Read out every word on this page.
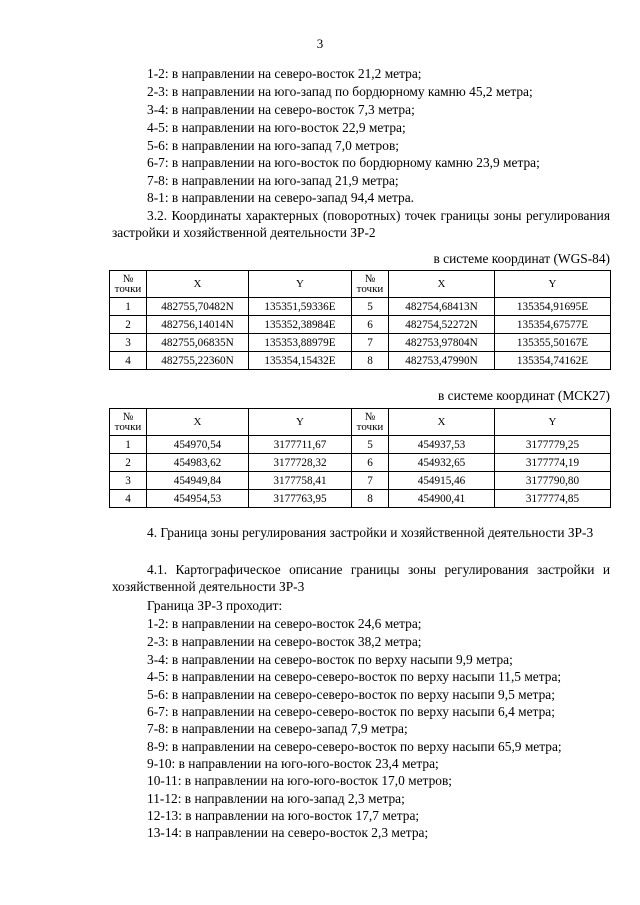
3
1-2: в направлении на северо-восток 21,2 метра;
2-3: в направлении на юго-запад по бордюрному камню 45,2 метра;
3-4: в направлении на северо-восток 7,3 метра;
4-5: в направлении на юго-восток 22,9 метра;
5-6: в направлении на юго-запад 7,0 метров;
6-7: в направлении на юго-восток по бордюрному камню 23,9 метра;
7-8: в направлении на юго-запад 21,9 метра;
8-1: в направлении на северо-запад 94,4 метра.
3.2. Координаты характерных (поворотных) точек границы зоны регулирования застройки и хозяйственной деятельности ЗР-2
в системе координат (WGS-84)
№ точки	X	Y	№ точки	X	Y
1	482755,70482N	135351,59336E	5	482754,68413N	135354,91695E
2	482756,14014N	135352,38984E	6	482754,52272N	135354,67577E
3	482755,06835N	135353,88979E	7	482753,97804N	135355,50167E
4	482755,22360N	135354,15432E	8	482753,47990N	135354,74162E
в системе координат (МСК27)
№ точки	X	Y	№ точки	X	Y
1	454970,54	3177711,67	5	454937,53	3177779,25
2	454983,62	3177728,32	6	454932,65	3177774,19
3	454949,84	3177758,41	7	454915,46	3177790,80
4	454954,53	3177763,95	8	454900,41	3177774,85
4. Граница зоны регулирования застройки и хозяйственной деятельности ЗР-3
4.1. Картографическое описание границы зоны регулирования застройки и хозяйственной деятельности ЗР-3
Граница ЗР-3 проходит:
1-2: в направлении на северо-восток 24,6 метра;
2-3: в направлении на северо-восток 38,2 метра;
3-4: в направлении на северо-восток по верху насыпи 9,9 метра;
4-5: в направлении на северо-северо-восток по верху насыпи 11,5 метра;
5-6: в направлении на северо-северо-восток по верху насыпи 9,5 метра;
6-7: в направлении на северо-северо-восток по верху насыпи 6,4 метра;
7-8: в направлении на северо-запад 7,9 метра;
8-9: в направлении на северо-северо-восток по верху насыпи 65,9 метра;
9-10: в направлении на юго-юго-восток 23,4 метра;
10-11: в направлении на юго-юго-восток 17,0 метров;
11-12: в направлении на юго-запад 2,3 метра;
12-13: в направлении на юго-восток 17,7 метра;
13-14: в направлении на северо-восток 2,3 метра;
